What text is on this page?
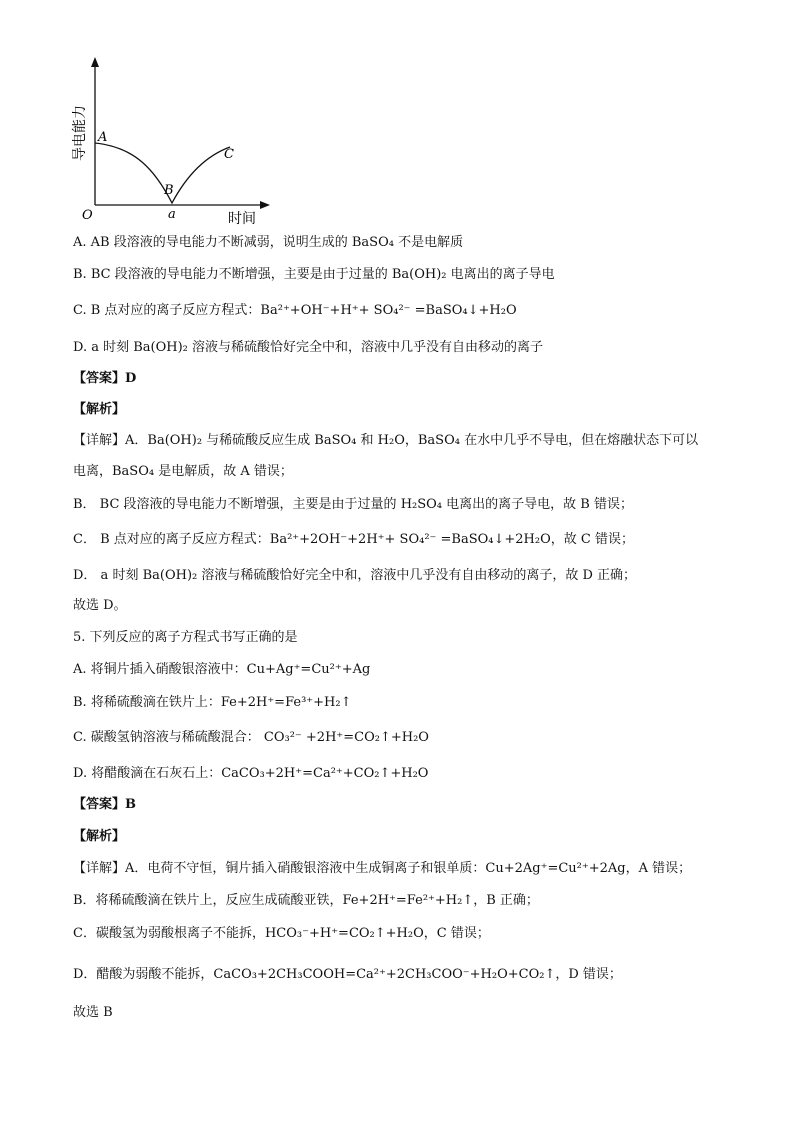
导电能力
O
A
B
C
a	时间
A. AB 段溶液的导电能力不断减弱，说明生成的 BaSO₄ 不是电解质
B. BC 段溶液的导电能力不断增强，主要是由于过量的 Ba(OH)₂ 电离出的离子导电
C. B 点对应的离子反应方程式：Ba²⁺+OH⁻+H⁺+ SO₄²⁻ =BaSO₄↓+H₂O
D. a 时刻 Ba(OH)₂ 溶液与稀硫酸恰好完全中和，溶液中几乎没有自由移动的离子
【答案】D
【解析】
【详解】A．Ba(OH)₂ 与稀硫酸反应生成 BaSO₄ 和 H₂O，BaSO₄ 在水中几乎不导电，但在熔融状态下可以
电离，BaSO₄ 是电解质，故 A 错误；
B． BC 段溶液的导电能力不断增强，主要是由于过量的 H₂SO₄ 电离出的离子导电，故 B 错误；
C． B 点对应的离子反应方程式：Ba²⁺+2OH⁻+2H⁺+ SO₄²⁻ =BaSO₄↓+2H₂O，故 C 错误；
D． a 时刻 Ba(OH)₂ 溶液与稀硫酸恰好完全中和，溶液中几乎没有自由移动的离子，故 D 正确；
故选 D。
5. 下列反应的离子方程式书写正确的是
A. 将铜片插入硝酸银溶液中：Cu+Ag⁺=Cu²⁺+Ag
B. 将稀硫酸滴在铁片上：Fe+2H⁺=Fe³⁺+H₂↑
C. 碳酸氢钠溶液与稀硫酸混合： CO₃²⁻ +2H⁺=CO₂↑+H₂O
D. 将醋酸滴在石灰石上：CaCO₃+2H⁺=Ca²⁺+CO₂↑+H₂O
【答案】B
【解析】
【详解】A．电荷不守恒，铜片插入硝酸银溶液中生成铜离子和银单质：Cu+2Ag⁺=Cu²⁺+2Ag，A 错误；
B．将稀硫酸滴在铁片上，反应生成硫酸亚铁，Fe+2H⁺=Fe²⁺+H₂↑，B 正确；
C．碳酸氢为弱酸根离子不能拆，HCO₃⁻+H⁺=CO₂↑+H₂O，C 错误；
D．醋酸为弱酸不能拆，CaCO₃+2CH₃COOH=Ca²⁺+2CH₃COO⁻+H₂O+CO₂↑，D 错误；
故选 B
